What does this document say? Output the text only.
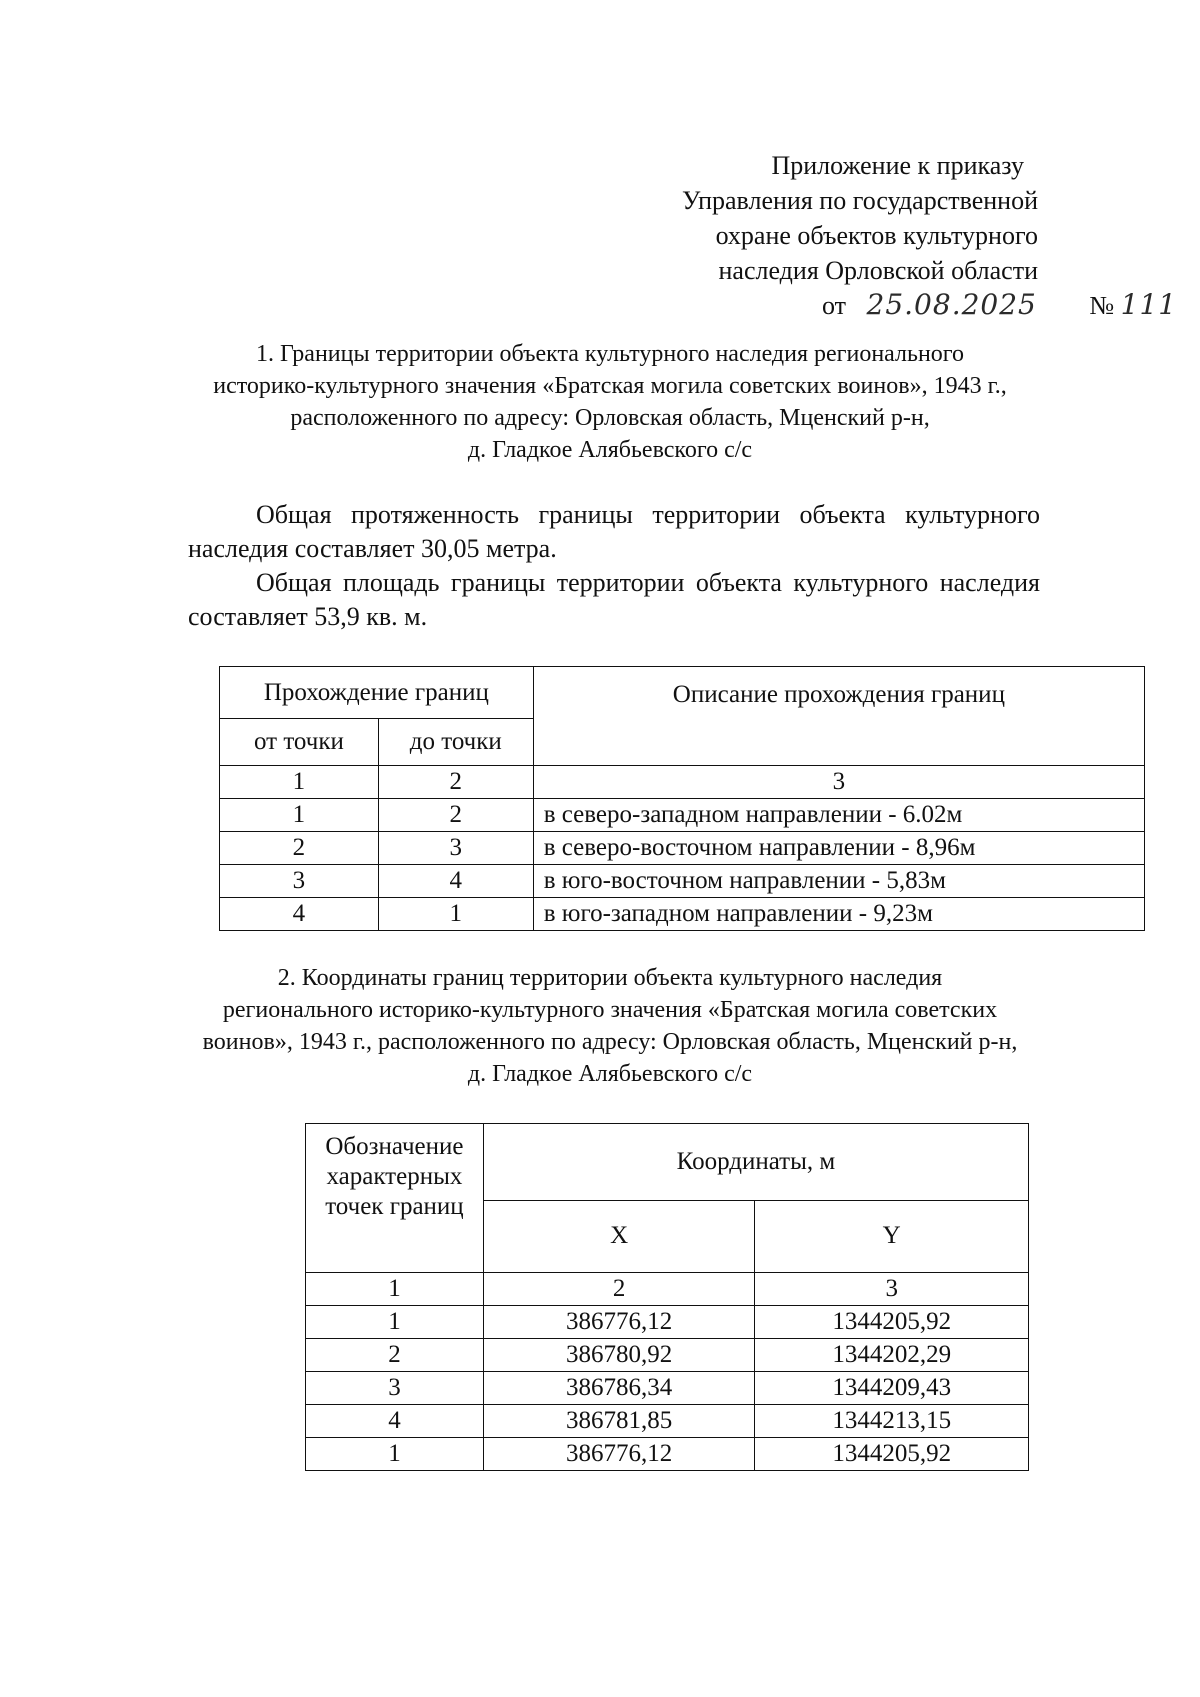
Приложение к приказу
Управления по государственной
охране объектов культурного
наследия Орловской области
от 25.08.2025 № 111
1. Границы территории объекта культурного наследия регионального
историко-культурного значения «Братская могила советских воинов», 1943 г.,
расположенного по адресу: Орловская область, Мценский р-н,
д. Гладкое Алябьевского с/с
Общая протяженность границы территории объекта культурного
наследия составляет 30,05 метра.
Общая площадь границы территории объекта культурного наследия
составляет 53,9 кв. м.
Прохождение границ		Описание прохождения границ
от точки	до точки	
1	2	3
1	2	в северо-западном направлении - 6.02м
2	3	в северо-восточном направлении - 8,96м
3	4	в юго-восточном направлении - 5,83м
4	1	в юго-западном направлении - 9,23м
2. Координаты границ территории объекта культурного наследия
регионального историко-культурного значения «Братская могила советских
воинов», 1943 г., расположенного по адресу: Орловская область, Мценский р-н,
д. Гладкое Алябьевского с/с
Обозначение характерных точек границ	Координаты, м	
	X	Y
1	2	3
1	386776,12	1344205,92
2	386780,92	1344202,29
3	386786,34	1344209,43
4	386781,85	1344213,15
1	386776,12	1344205,92
